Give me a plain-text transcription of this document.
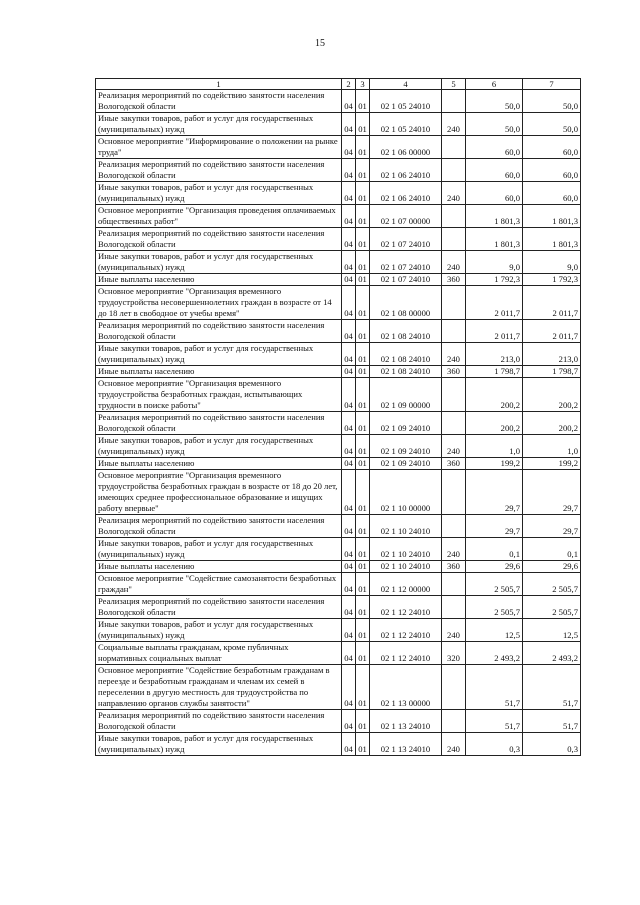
15
1	2	3	4	5	6	7
Реализация мероприятий по содействию занятости населения Вологодской области	04	01	02 1 05 24010		50,0	50,0
Иные закупки товаров, работ и услуг для государственных (муниципальных) нужд	04	01	02 1 05 24010	240	50,0	50,0
Основное мероприятие "Информирование о положении на рынке труда"	04	01	02 1 06 00000		60,0	60,0
Реализация мероприятий по содействию занятости населения Вологодской области	04	01	02 1 06 24010		60,0	60,0
Иные закупки товаров, работ и услуг для государственных (муниципальных) нужд	04	01	02 1 06 24010	240	60,0	60,0
Основное мероприятие "Организация проведения оплачиваемых общественных работ"	04	01	02 1 07 00000		1 801,3	1 801,3
Реализация мероприятий по содействию занятости населения Вологодской области	04	01	02 1 07 24010		1 801,3	1 801,3
Иные закупки товаров, работ и услуг для государственных (муниципальных) нужд	04	01	02 1 07 24010	240	9,0	9,0
Иные выплаты населению	04	01	02 1 07 24010	360	1 792,3	1 792,3
Основное мероприятие "Организация временного трудоустройства несовершеннолетних граждан в возрасте от 14 до 18 лет в свободное от учебы время"	04	01	02 1 08 00000		2 011,7	2 011,7
Реализация мероприятий по содействию занятости населения Вологодской области	04	01	02 1 08 24010		2 011,7	2 011,7
Иные закупки товаров, работ и услуг для государственных (муниципальных) нужд	04	01	02 1 08 24010	240	213,0	213,0
Иные выплаты населению	04	01	02 1 08 24010	360	1 798,7	1 798,7
Основное мероприятие "Организация временного трудоустройства безработных граждан, испытывающих трудности в поиске работы"	04	01	02 1 09 00000		200,2	200,2
Реализация мероприятий по содействию занятости населения Вологодской области	04	01	02 1 09 24010		200,2	200,2
Иные закупки товаров, работ и услуг для государственных (муниципальных) нужд	04	01	02 1 09 24010	240	1,0	1,0
Иные выплаты населению	04	01	02 1 09 24010	360	199,2	199,2
Основное мероприятие "Организация временного трудоустройства безработных граждан в возрасте от 18 до 20 лет, имеющих среднее профессиональное образование и ищущих работу впервые"	04	01	02 1 10 00000		29,7	29,7
Реализация мероприятий по содействию занятости населения Вологодской области	04	01	02 1 10 24010		29,7	29,7
Иные закупки товаров, работ и услуг для государственных (муниципальных) нужд	04	01	02 1 10 24010	240	0,1	0,1
Иные выплаты населению	04	01	02 1 10 24010	360	29,6	29,6
Основное мероприятие "Содействие самозанятости безработных граждан"	04	01	02 1 12 00000		2 505,7	2 505,7
Реализация мероприятий по содействию занятости населения Вологодской области	04	01	02 1 12 24010		2 505,7	2 505,7
Иные закупки товаров, работ и услуг для государственных (муниципальных) нужд	04	01	02 1 12 24010	240	12,5	12,5
Социальные выплаты гражданам, кроме публичных нормативных социальных выплат	04	01	02 1 12 24010	320	2 493,2	2 493,2
Основное мероприятие "Содействие безработным гражданам в переезде и безработным гражданам и членам их семей в переселении в другую местность для трудоустройства по направлению органов службы занятости"	04	01	02 1 13 00000		51,7	51,7
Реализация мероприятий по содействию занятости населения Вологодской области	04	01	02 1 13 24010		51,7	51,7
Иные закупки товаров, работ и услуг для государственных (муниципальных) нужд	04	01	02 1 13 24010	240	0,3	0,3
